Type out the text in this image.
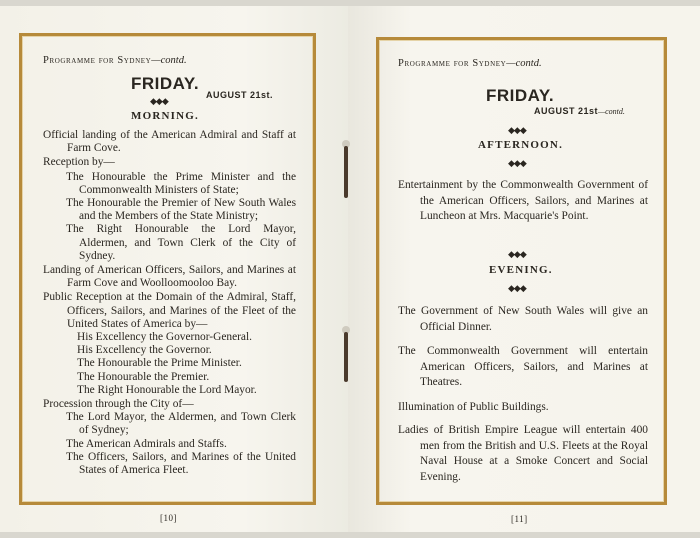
Programme for Sydney—contd.
FRIDAY.
AUGUST 21st.
◆◆◆
MORNING.
Official landing of the American Admiral and Staff at Farm Cove.
Reception by—
The Honourable the Prime Minister and the Commonwealth Ministers of State;
The Honourable the Premier of New South Wales and the Members of the State Ministry;
The Right Honourable the Lord Mayor, Aldermen, and Town Clerk of the City of Sydney.
Landing of American Officers, Sailors, and Marines at Farm Cove and Woolloomooloo Bay.
Public Reception at the Domain of the Admiral, Staff, Officers, Sailors, and Marines of the Fleet of the United States of America by—
His Excellency the Governor-General.
His Excellency the Governor.
The Honourable the Prime Minister.
The Honourable the Premier.
The Right Honourable the Lord Mayor.
Procession through the City of—
The Lord Mayor, the Aldermen, and Town Clerk of Sydney;
The American Admirals and Staffs.
The Officers, Sailors, and Marines of the United States of America Fleet.
[10]
Programme for Sydney—contd.
FRIDAY.
AUGUST 21st—contd.
◆◆◆
AFTERNOON.
◆◆◆
Entertainment by the Commonwealth Government of the American Officers, Sailors, and Marines at Luncheon at Mrs. Macquarie's Point.
◆◆◆
EVENING.
◆◆◆
The Government of New South Wales will give an Official Dinner.
The Commonwealth Government will entertain American Officers, Sailors, and Marines at Theatres.
Illumination of Public Buildings.
Ladies of British Empire League will entertain 400 men from the British and U.S. Fleets at the Royal Naval House at a Smoke Concert and Social Evening.
[11]
